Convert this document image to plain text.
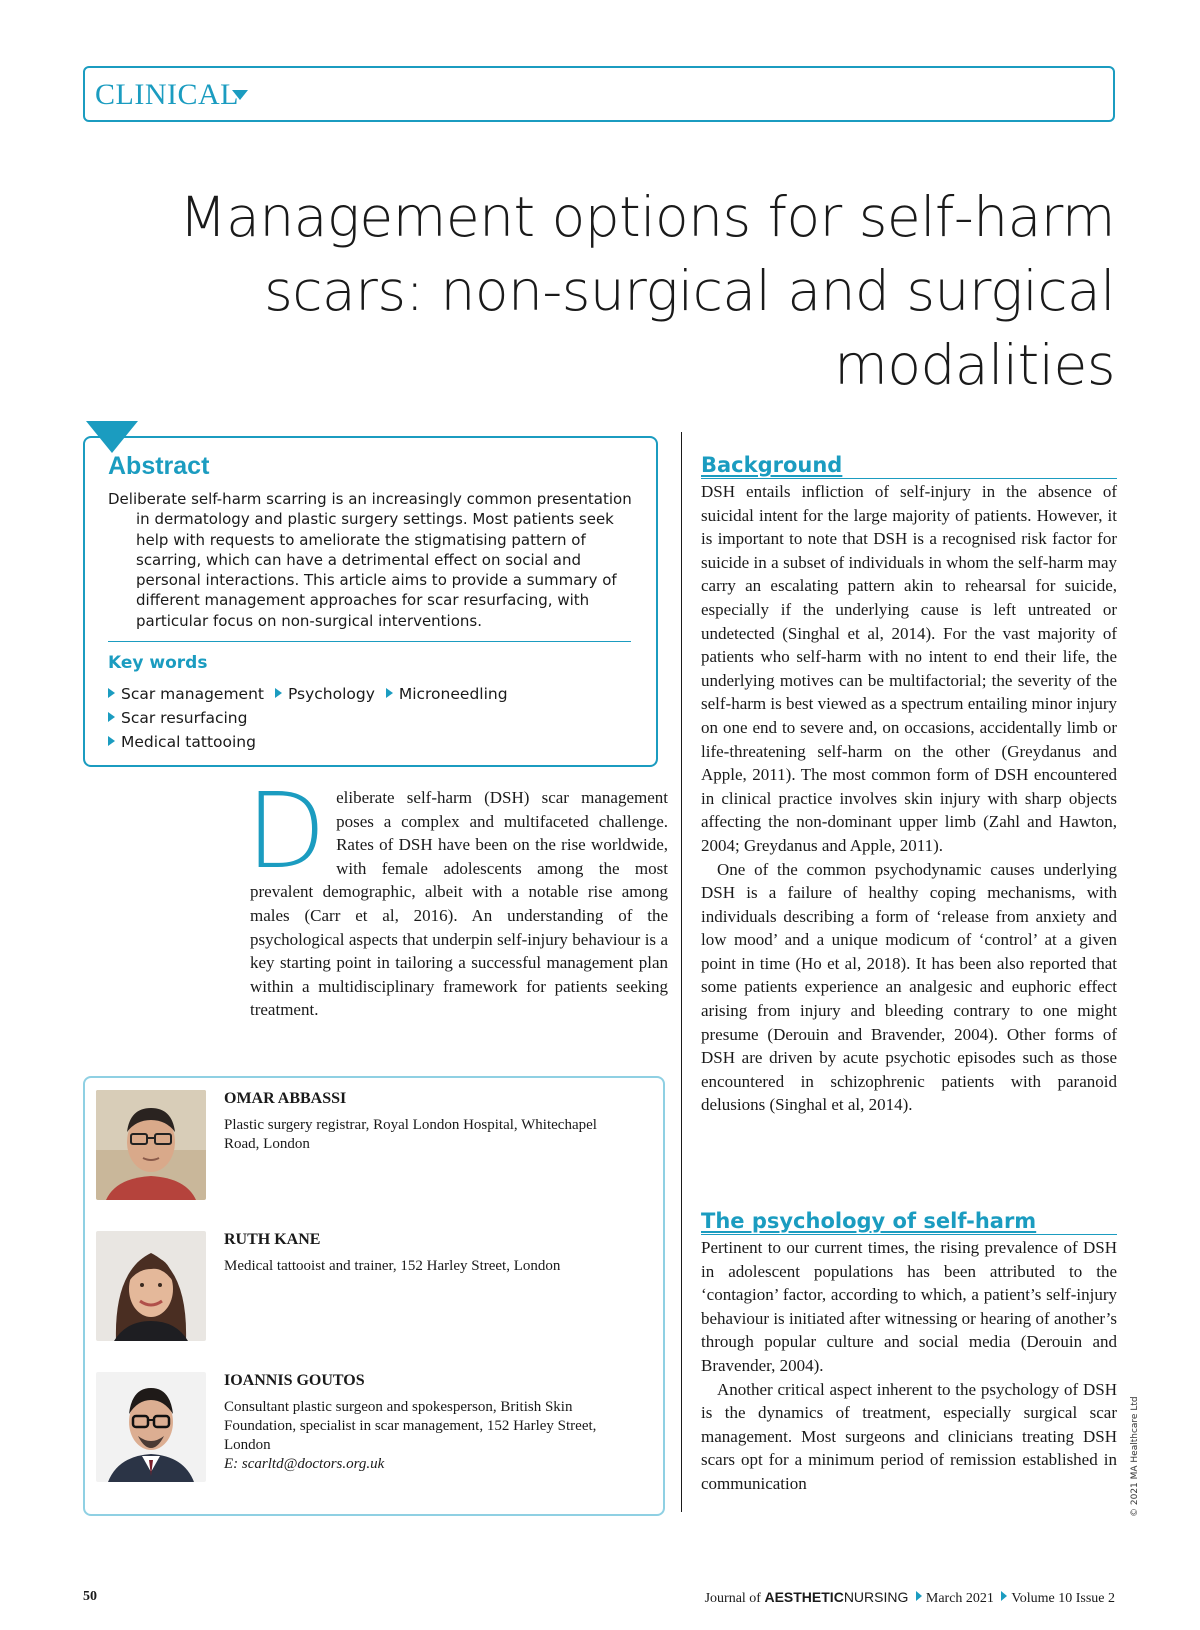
CLINICAL
Management options for self-harm scars: non-surgical and surgical modalities
Abstract

Deliberate self-harm scarring is an increasingly common presentation in dermatology and plastic surgery settings. Most patients seek help with requests to ameliorate the stigmatising pattern of scarring, which can have a detrimental effect on social and personal interactions. This article aims to provide a summary of different management approaches for scar resurfacing, with particular focus on non-surgical interventions.

Key words
Scar management Psychology Microneedling Scar resurfacing
Medical tattooing
Deliberate self-harm (DSH) scar management poses a complex and multifaceted challenge. Rates of DSH have been on the rise worldwide, with female adolescents among the most prevalent demographic, albeit with a notable rise among males (Carr et al, 2016). An understanding of the psychological aspects that underpin self-injury behaviour is a key starting point in tailoring a successful management plan within a multidisciplinary framework for patients seeking treatment.
OMAR ABBASSI
Plastic surgery registrar, Royal London Hospital, Whitechapel Road, London
RUTH KANE
Medical tattooist and trainer, 152 Harley Street, London
IOANNIS GOUTOS
Consultant plastic surgeon and spokesperson, British Skin Foundation, specialist in scar management, 152 Harley Street, London
E: scarltd@doctors.org.uk
Background

DSH entails infliction of self-injury in the absence of suicidal intent for the large majority of patients. However, it is important to note that DSH is a recognised risk factor for suicide in a subset of individuals in whom the self-harm may carry an escalating pattern akin to rehearsal for suicide, especially if the underlying cause is left untreated or undetected (Singhal et al, 2014). For the vast majority of patients who self-harm with no intent to end their life, the underlying motives can be multifactorial; the severity of the self-harm is best viewed as a spectrum entailing minor injury on one end to severe and, on occasions, accidentally limb or life-threatening self-harm on the other (Greydanus and Apple, 2011). The most common form of DSH encountered in clinical practice involves skin injury with sharp objects affecting the non-dominant upper limb (Zahl and Hawton, 2004; Greydanus and Apple, 2011).

One of the common psychodynamic causes underlying DSH is a failure of healthy coping mechanisms, with individuals describing a form of ‘release from anxiety and low mood’ and a unique modicum of ‘control’ at a given point in time (Ho et al, 2018). It has been also reported that some patients experience an analgesic and euphoric effect arising from injury and bleeding contrary to one might presume (Derouin and Bravender, 2004). Other forms of DSH are driven by acute psychotic episodes such as those encountered in schizophrenic patients with paranoid delusions (Singhal et al, 2014).

The psychology of self-harm

Pertinent to our current times, the rising prevalence of DSH in adolescent populations has been attributed to the ‘contagion’ factor, according to which, a patient’s self-injury behaviour is initiated after witnessing or hearing of another’s through popular culture and social media (Derouin and Bravender, 2004).

Another critical aspect inherent to the psychology of DSH is the dynamics of treatment, especially surgical scar management. Most surgeons and clinicians treating DSH scars opt for a minimum period of remission established in communication	© 2021 MA Healthcare Ltd
50	Journal of AESTHETICNURSING March 2021 Volume 10 Issue 2
